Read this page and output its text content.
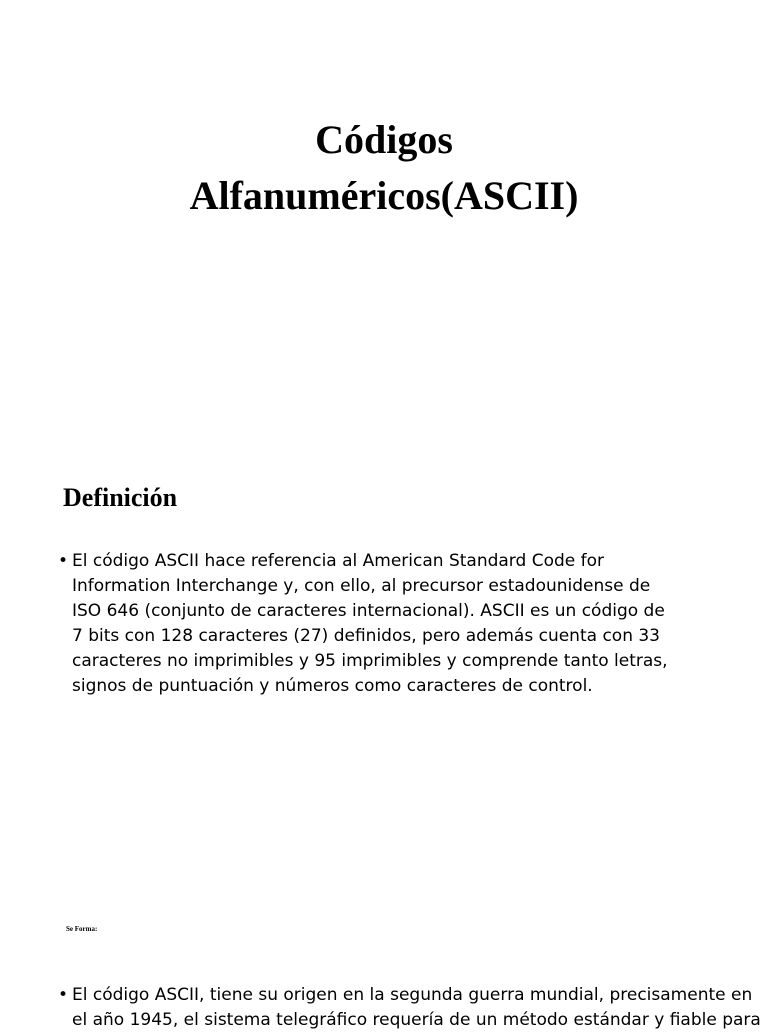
Códigos
Alfanuméricos(ASCII)
Definición
• El código ASCII hace referencia al American Standard Code for
Information Interchange y, con ello, al precursor estadounidense de
ISO 646 (conjunto de caracteres internacional). ASCII es un código de
7 bits con 128 caracteres (27) definidos, pero además cuenta con 33
caracteres no imprimibles y 95 imprimibles y comprende tanto letras,
signos de puntuación y números como caracteres de control.
Se Forma:
• El código ASCII, tiene su origen en la segunda guerra mundial, precisamente en
el año 1945, el sistema telegráfico requería de un método estándar y fiable para
